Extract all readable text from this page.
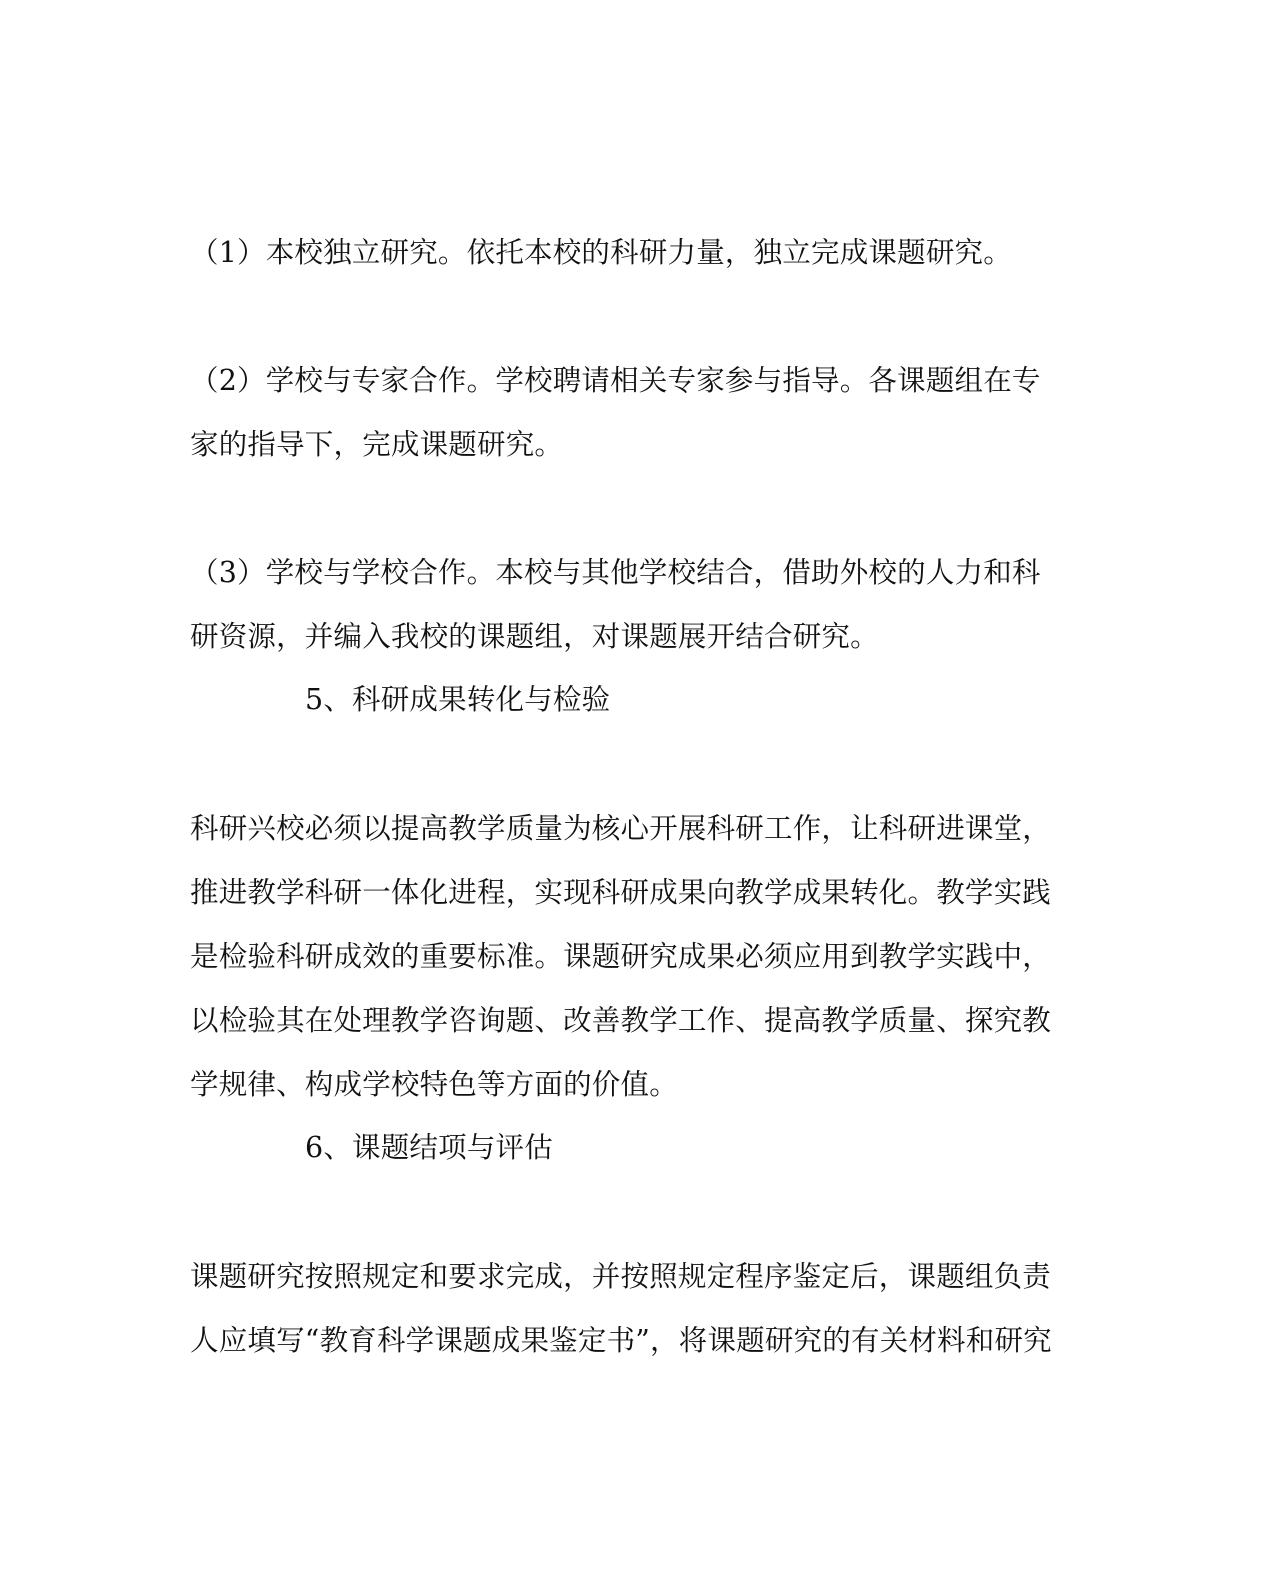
（1）本校独立研究。依托本校的科研力量，独立完成课题研究。
（2）学校与专家合作。学校聘请相关专家参与指导。各课题组在专
家的指导下，完成课题研究。
（3）学校与学校合作。本校与其他学校结合，借助外校的人力和科
研资源，并编入我校的课题组，对课题展开结合研究。
5、科研成果转化与检验
科研兴校必须以提高教学质量为核心开展科研工作，让科研进课堂，
推进教学科研一体化进程，实现科研成果向教学成果转化。教学实践
是检验科研成效的重要标准。课题研究成果必须应用到教学实践中，
以检验其在处理教学咨询题、改善教学工作、提高教学质量、探究教
学规律、构成学校特色等方面的价值。
6、课题结项与评估
课题研究按照规定和要求完成，并按照规定程序鉴定后，课题组负责
人应填写“教育科学课题成果鉴定书”，将课题研究的有关材料和研究
